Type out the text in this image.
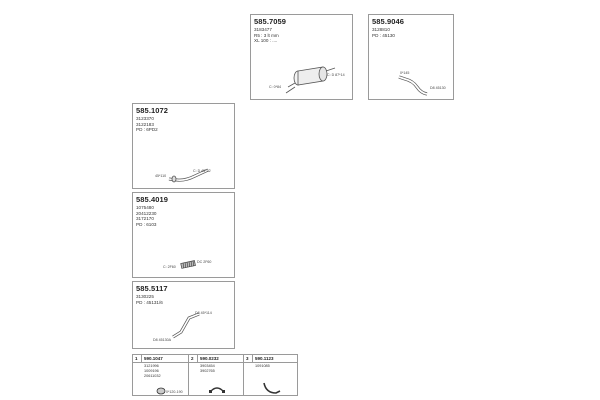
585.7059
3183477
R5 : 3 lt mm
XL 100 : ....
C: 0*84
C: D 87*14
585.9046
3128810
PD : 45130
0*145
D8 45130
585.1072
3123370
3122183
PD : 6PD2
45*110
C: D 45*32
585.4019
1075480
20412230
3172170
PD : 6103
C: 2F60
DC 2F60
585.5117
3130225
PD : 45131/6
D8 45*114
D8 45130A
1 590.1047
3121996
1009196
20611032
0*120-190
2 590.0232
3903454
3902765
3 590.1123
1091085
